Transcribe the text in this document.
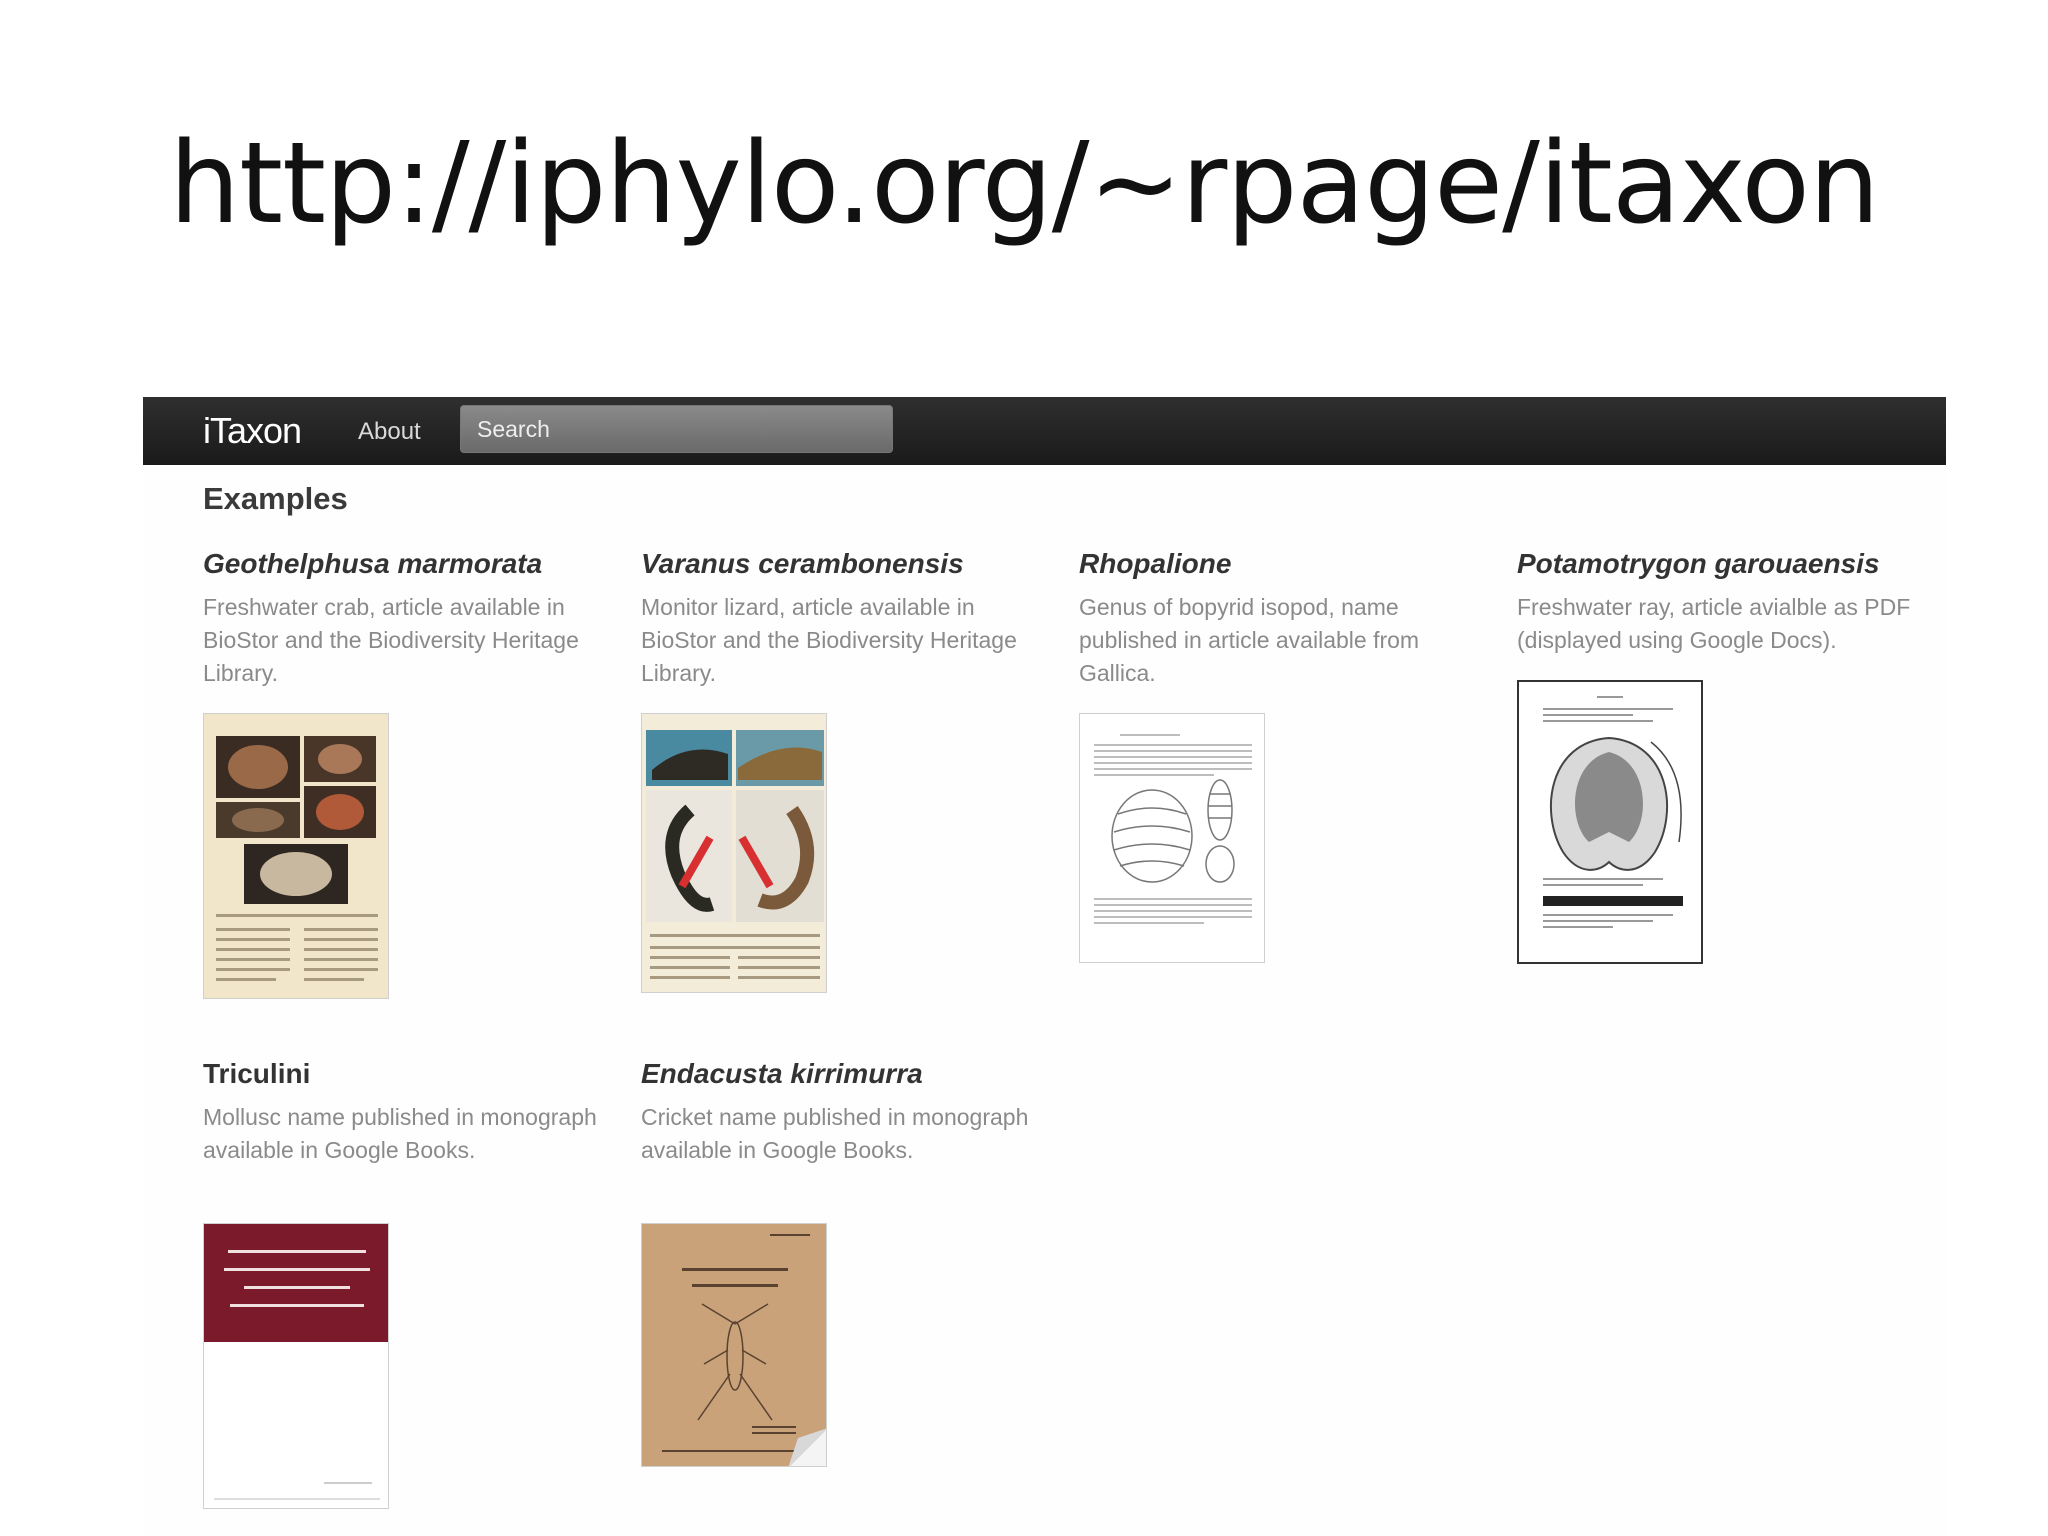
http://iphylo.org/~rpage/itaxon
iTaxon About
Search
Examples
Geothelphusa marmorata

Freshwater crab, article available in BioStor and the Biodiversity Heritage Library.

Varanus cerambonensis

Monitor lizard, article available in BioStor and the Biodiversity Heritage Library.

Rhopalione

Genus of bopyrid isopod, name published in article available from Gallica.

Potamotrygon garouaensis

Freshwater ray, article avialble as PDF (displayed using Google Docs).

Triculini

Mollusc name published in monograph available in Google Books.

Endacusta kirrimurra

Cricket name published in monograph available in Google Books.
